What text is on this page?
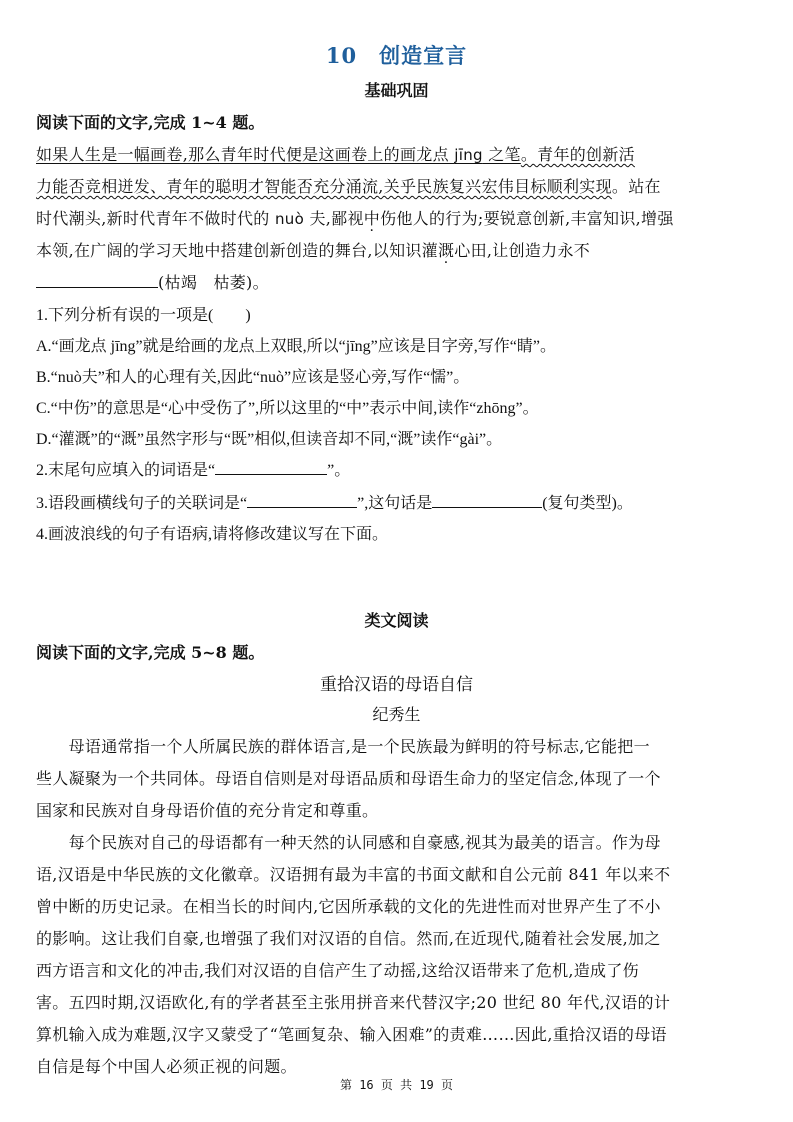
10　创造宣言
基础巩固
阅读下面的文字,完成 1~4 题。
如果人生是一幅画卷,那么青年时代便是这画卷上的画龙点 jīng 之笔。青年的创新活
力能否竞相迸发、青年的聪明才智能否充分涌流,关乎民族复兴宏伟目标顺利实现。站在
时代潮头,新时代青年不做时代的 nuò 夫,鄙视中伤他人的行为;要锐意创新,丰富知识,增强
本领,在广阔的学习天地中搭建创新创造的舞台,以知识灌溉心田,让创造力永不
(枯竭　枯萎)。
1.下列分析有误的一项是(　　)
A.“画龙点 jīng”就是给画的龙点上双眼,所以“jīng”应该是目字旁,写作“睛”。
B.“nuò夫”和人的心理有关,因此“nuò”应该是竖心旁,写作“懦”。
C.“中伤”的意思是“心中受伤了”,所以这里的“中”表示中间,读作“zhōng”。
D.“灌溉”的“溉”虽然字形与“既”相似,但读音却不同,“溉”读作“gài”。
2.末尾句应填入的词语是“	”。
3.语段画横线句子的关联词是“	”,这句话是	(复句类型)。
4.画波浪线的句子有语病,请将修改建议写在下面。
类文阅读
阅读下面的文字,完成 5~8 题。
重拾汉语的母语自信
纪秀生
　　母语通常指一个人所属民族的群体语言,是一个民族最为鲜明的符号标志,它能把一
些人凝聚为一个共同体。母语自信则是对母语品质和母语生命力的坚定信念,体现了一个
国家和民族对自身母语价值的充分肯定和尊重。
　　每个民族对自己的母语都有一种天然的认同感和自豪感,视其为最美的语言。作为母
语,汉语是中华民族的文化徽章。汉语拥有最为丰富的书面文献和自公元前 841 年以来不
曾中断的历史记录。在相当长的时间内,它因所承载的文化的先进性而对世界产生了不小
的影响。这让我们自豪,也增强了我们对汉语的自信。然而,在近现代,随着社会发展,加之
西方语言和文化的冲击,我们对汉语的自信产生了动摇,这给汉语带来了危机,造成了伤
害。五四时期,汉语欧化,有的学者甚至主张用拼音来代替汉字;20 世纪 80 年代,汉语的计
算机输入成为难题,汉字又蒙受了“笔画复杂、输入困难”的责难……因此,重拾汉语的母语
自信是每个中国人必须正视的问题。
第 16 页 共 19 页
